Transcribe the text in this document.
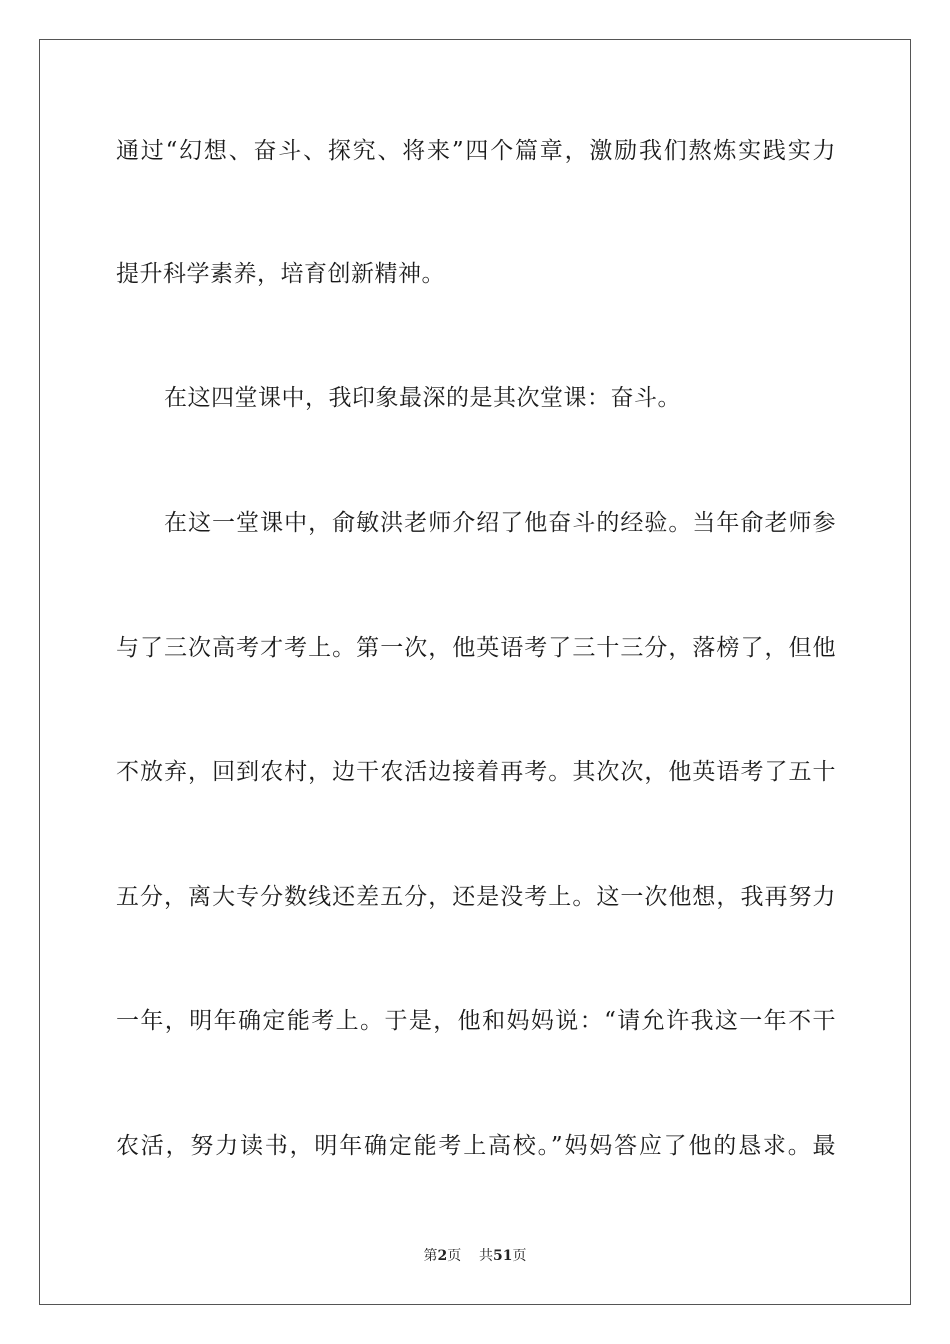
通过“幻想、奋斗、探究、将来”四个篇章，激励我们熬炼实践实力
提升科学素养，培育创新精神。
在这四堂课中，我印象最深的是其次堂课：奋斗。
在这一堂课中，俞敏洪老师介绍了他奋斗的经验。当年俞老师参
与了三次高考才考上。第一次，他英语考了三十三分，落榜了，但他
不放弃，回到农村，边干农活边接着再考。其次次，他英语考了五十
五分，离大专分数线还差五分，还是没考上。这一次他想，我再努力
一年，明年确定能考上。于是，他和妈妈说：“请允许我这一年不干
农活，努力读书，明年确定能考上高校。”妈妈答应了他的恳求。最
第2页 共51页
